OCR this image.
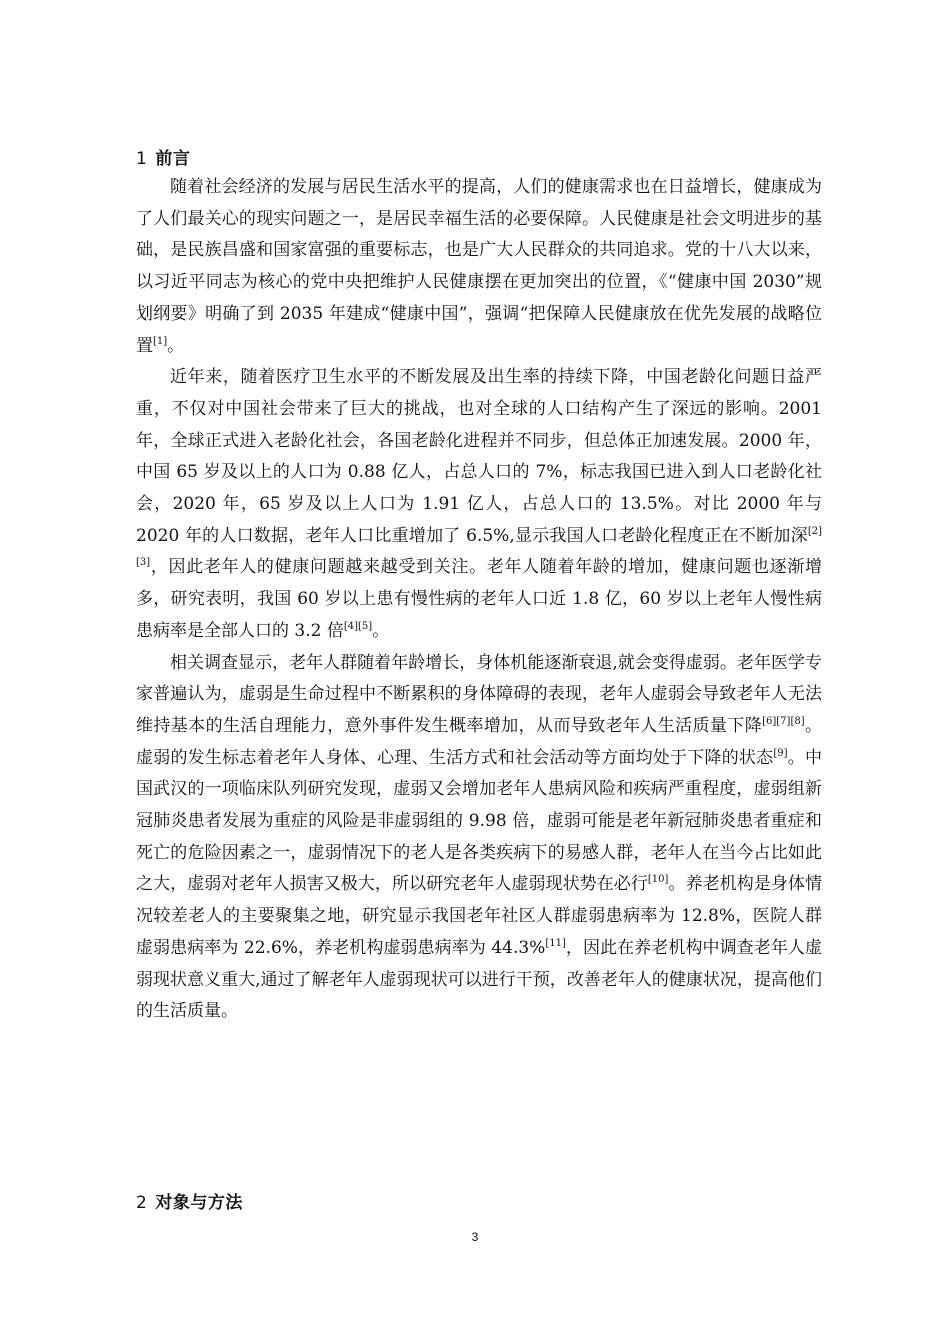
1 前言

随着社会经济的发展与居民生活水平的提高，人们的健康需求也在日益增长，健康成为了人们最关心的现实问题之一，是居民幸福生活的必要保障。人民健康是社会文明进步的基础，是民族昌盛和国家富强的重要标志，也是广大人民群众的共同追求。党的十八大以来，以习近平同志为核心的党中央把维护人民健康摆在更加突出的位置，《“健康中国 2030”规划纲要》明确了到 2035 年建成“健康中国”，强调“把保障人民健康放在优先发展的战略位置[1]。

近年来，随着医疗卫生水平的不断发展及出生率的持续下降，中国老龄化问题日益严重，不仅对中国社会带来了巨大的挑战，也对全球的人口结构产生了深远的影响。2001 年，全球正式进入老龄化社会，各国老龄化进程并不同步，但总体正加速发展。2000 年，中国 65 岁及以上的人口为 0.88 亿人，占总人口的 7%，标志我国已进入到人口老龄化社会，2020 年，65 岁及以上人口为 1.91 亿人，占总人口的 13.5%。对比 2000 年与 2020 年的人口数据，老年人口比重增加了 6.5%,显示我国人口老龄化程度正在不断加深[2][3]，因此老年人的健康问题越来越受到关注。老年人随着年龄的增加，健康问题也逐渐增多，研究表明，我国 60 岁以上患有慢性病的老年人口近 1.8 亿，60 岁以上老年人慢性病患病率是全部人口的 3.2 倍[4][5]。

相关调查显示，老年人群随着年龄增长，身体机能逐渐衰退,就会变得虚弱。老年医学专家普遍认为，虚弱是生命过程中不断累积的身体障碍的表现，老年人虚弱会导致老年人无法维持基本的生活自理能力，意外事件发生概率增加，从而导致老年人生活质量下降[6][7][8]。虚弱的发生标志着老年人身体、心理、生活方式和社会活动等方面均处于下降的状态[9]。中国武汉的一项临床队列研究发现，虚弱又会增加老年人患病风险和疾病严重程度，虚弱组新冠肺炎患者发展为重症的风险是非虚弱组的 9.98 倍，虚弱可能是老年新冠肺炎患者重症和死亡的危险因素之一，虚弱情况下的老人是各类疾病下的易感人群，老年人在当今占比如此之大，虚弱对老年人损害又极大，所以研究老年人虚弱现状势在必行[10]。养老机构是身体情况较差老人的主要聚集之地，研究显示我国老年社区人群虚弱患病率为 12.8%，医院人群虚弱患病率为 22.6%，养老机构虚弱患病率为 44.3%[11]，因此在养老机构中调查老年人虚弱现状意义重大,通过了解老年人虚弱现状可以进行干预，改善老年人的健康状况，提高他们的生活质量。

2 对象与方法
3
